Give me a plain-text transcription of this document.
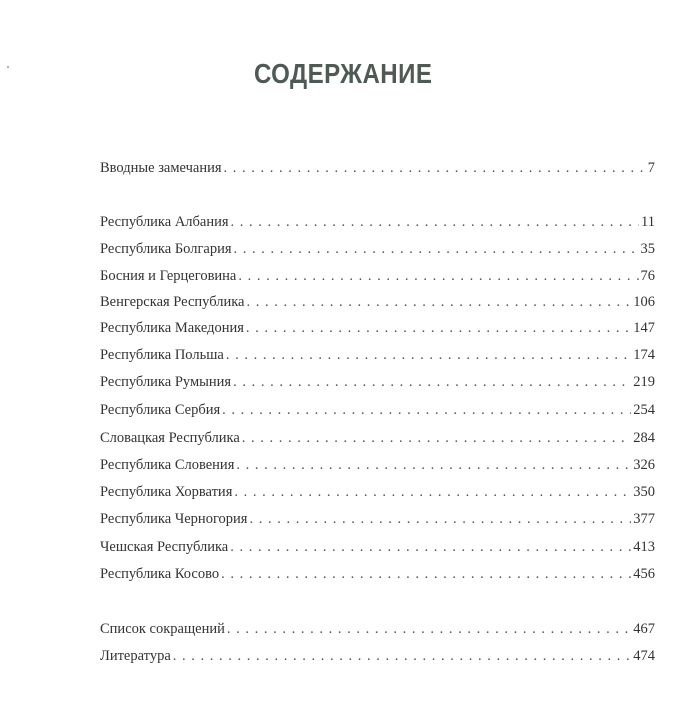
СОДЕРЖАНИЕ
Вводные замечания . . .	7
Республика Албания . . .	11
Республика Болгария . . .	35
Босния и Герцеговина . . .	76
Венгерская Республика . . .	106
Республика Македония . . .	147
Республика Польша . . .	174
Республика Румыния . . .	219
Республика Сербия . . .	254
Словацкая Республика . . .	284
Республика Словения . . .	326
Республика Хорватия . . .	350
Республика Черногория . . .	377
Чешская Республика . . .	413
Республика Косово . . .	456
Список сокращений . . .	467
Литература . . .	474
